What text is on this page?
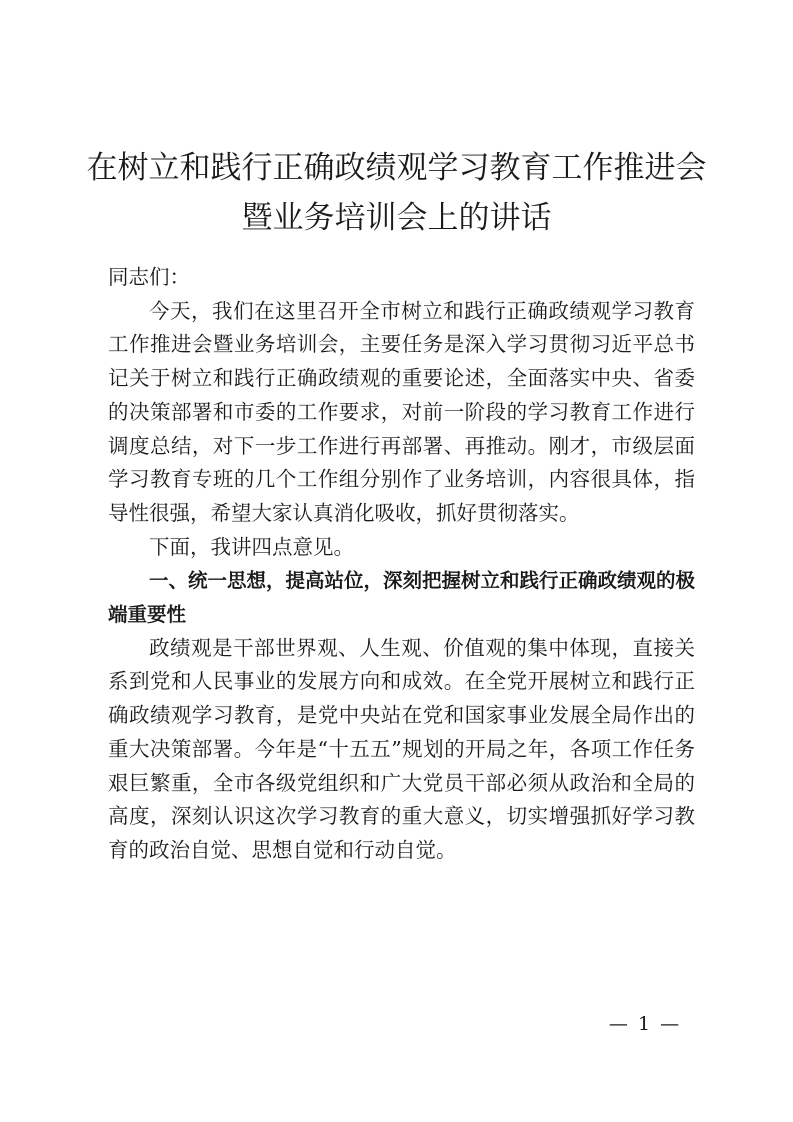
在树立和践行正确政绩观学习教育工作推进会
暨业务培训会上的讲话

同志们：

今天，我们在这里召开全市树立和践行正确政绩观学习教育工作推进会暨业务培训会，主要任务是深入学习贯彻习近平总书记关于树立和践行正确政绩观的重要论述，全面落实中央、省委的决策部署和市委的工作要求，对前一阶段的学习教育工作进行调度总结，对下一步工作进行再部署、再推动。刚才，市级层面学习教育专班的几个工作组分别作了业务培训，内容很具体，指导性很强，希望大家认真消化吸收，抓好贯彻落实。

下面，我讲四点意见。

一、统一思想，提高站位，深刻把握树立和践行正确政绩观的极端重要性

政绩观是干部世界观、人生观、价值观的集中体现，直接关系到党和人民事业的发展方向和成效。在全党开展树立和践行正确政绩观学习教育，是党中央站在党和国家事业发展全局作出的重大决策部署。今年是“十五五”规划的开局之年，各项工作任务艰巨繁重，全市各级党组织和广大党员干部必须从政治和全局的高度，深刻认识这次学习教育的重大意义，切实增强抓好学习教育的政治自觉、思想自觉和行动自觉。

— 1 —
